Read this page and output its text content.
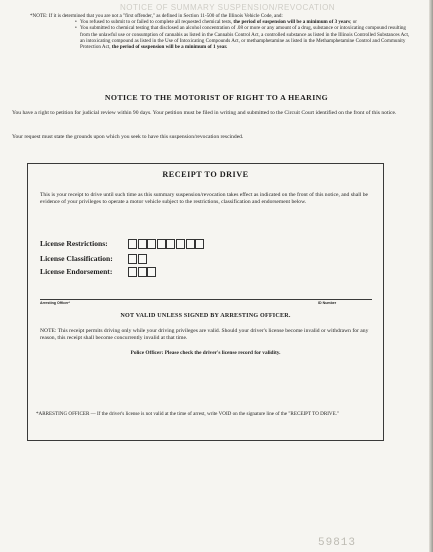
NOTICE OF SUMMARY SUSPENSION/REVOCATION

59813
*NOTE: If it is determined that you are not a "first offender," as defined in Section 11-500 of the Illinois Vehicle Code, and:
• You refused to submit to or failed to complete all requested chemical tests, the period of suspension will be a minimum of 3 years; or
• You submitted to chemical testing that disclosed an alcohol concentration of .08 or more or any amount of a drug, substance or intoxicating compound resulting from the unlawful use or consumption of cannabis as listed in the Cannabis Control Act, a controlled substance as listed in the Illinois Controlled Substances Act, an intoxicating compound as listed in the Use of Intoxicating Compounds Act, or methamphetamine as listed in the Methamphetamine Control and Community Protection Act, the period of suspension will be a minimum of 1 year.
NOTICE TO THE MOTORIST OF RIGHT TO A HEARING
You have a right to petition for judicial review within 90 days. Your petition must be filed in writing and submitted to the Circuit Court identified on the front of this notice.
Your request must state the grounds upon which you seek to have this suspension/revocation rescinded.
RECEIPT TO DRIVE
This is your receipt to drive until such time as this summary suspension/revocation takes effect as indicated on the front of this notice, and shall be evidence of your privileges to operate a motor vehicle subject to the restrictions, classification and endorsement below.
License Restrictions:
License Classification:
License Endorsement:
Arresting Officer*	ID Number
NOT VALID UNLESS SIGNED BY ARRESTING OFFICER.
NOTE: This receipt permits driving only while your driving privileges are valid. Should your driver's license become invalid or withdrawn for any reason, this receipt shall become concurrently invalid at that time.
Police Officer: Please check the driver's license record for validity.
*ARRESTING OFFICER — If the driver's license is not valid at the time of arrest, write VOID on the signature line of the "RECEIPT TO DRIVE."
